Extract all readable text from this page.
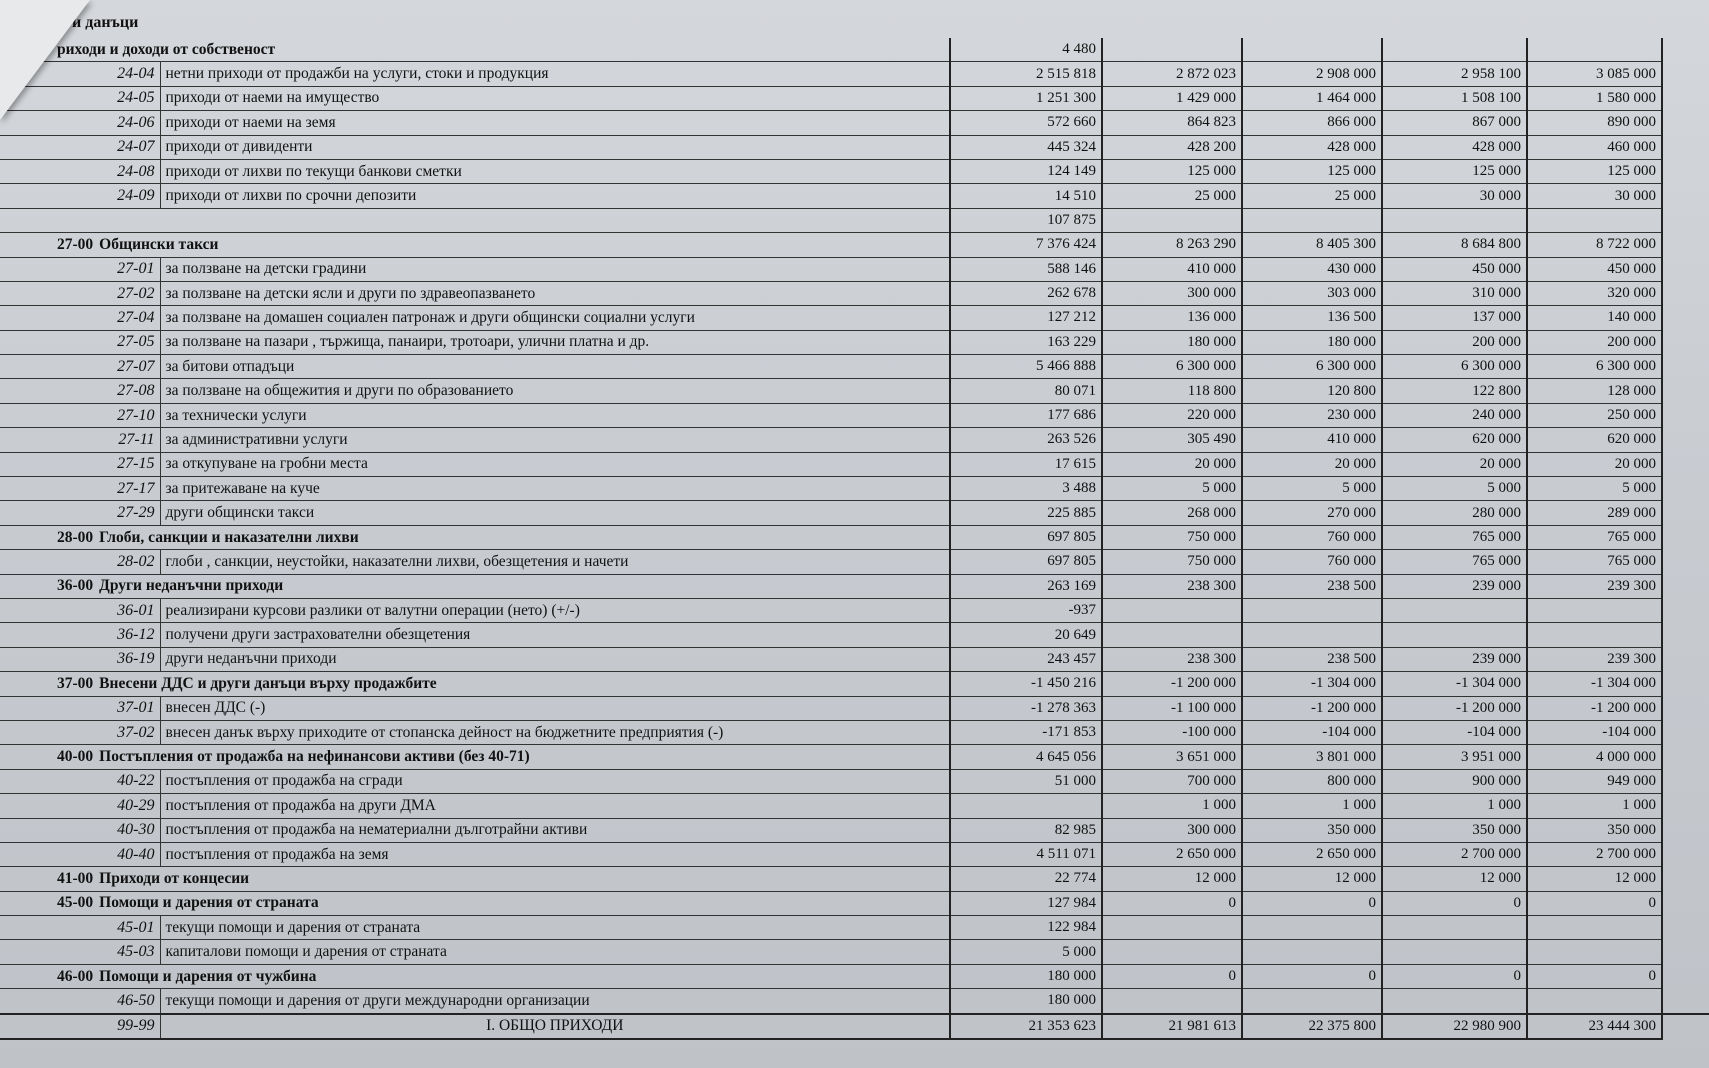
и данъци
	риходи и доходи от собственост		4 480					
	24-04	нетни приходи от продажби на услуги, стоки и продукция	2 515 818	2 872 023	2 908 000	2 958 100	3 085 000	
	24-05	приходи от наеми на имущество	1 251 300	1 429 000	1 464 000	1 508 100	1 580 000	
	24-06	приходи от наеми на земя	572 660	864 823	866 000	867 000	890 000	
	24-07	приходи от дивиденти	445 324	428 200	428 000	428 000	460 000	
	24-08	приходи от лихви по текущи банкови сметки	124 149	125 000	125 000	125 000	125 000	
	24-09	приходи от лихви по срочни депозити	14 510	25 000	25 000	30 000	30 000	
			107 875					
	27-00 Общински такси		7 376 424	8 263 290	8 405 300	8 684 800	8 722 000	
	27-01	за ползване на детски градини	588 146	410 000	430 000	450 000	450 000	
	27-02	за ползване на детски ясли и други по здравеопазването	262 678	300 000	303 000	310 000	320 000	
	27-04	за ползване на домашен социален патронаж и други общински социални услуги	127 212	136 000	136 500	137 000	140 000	
	27-05	за ползване на пазари , тържища, панаири, тротоари, улични платна и др.	163 229	180 000	180 000	200 000	200 000	
	27-07	за битови отпадъци	5 466 888	6 300 000	6 300 000	6 300 000	6 300 000	
	27-08	за ползване на общежития и други по образованието	80 071	118 800	120 800	122 800	128 000	
	27-10	за технически услуги	177 686	220 000	230 000	240 000	250 000	
	27-11	за административни услуги	263 526	305 490	410 000	620 000	620 000	
	27-15	за откупуване на гробни места	17 615	20 000	20 000	20 000	20 000	
	27-17	за притежаване на куче	3 488	5 000	5 000	5 000	5 000	
	27-29	други общински такси	225 885	268 000	270 000	280 000	289 000	
	28-00 Глоби, санкции и наказателни лихви		697 805	750 000	760 000	765 000	765 000	
	28-02	глоби , санкции, неустойки, наказателни лихви, обезщетения и начети	697 805	750 000	760 000	765 000	765 000	
	36-00 Други неданъчни приходи		263 169	238 300	238 500	239 000	239 300	
	36-01	реализирани курсови разлики от валутни операции (нето) (+/-)	-937					
	36-12	получени други застрахователни обезщетения	20 649					
	36-19	други неданъчни приходи	243 457	238 300	238 500	239 000	239 300	
	37-00 Внесени ДДС и други данъци върху продажбите		-1 450 216	-1 200 000	-1 304 000	-1 304 000	-1 304 000	
	37-01	внесен ДДС (-)	-1 278 363	-1 100 000	-1 200 000	-1 200 000	-1 200 000	
	37-02	внесен данък върху приходите от стопанска дейност на бюджетните предприятия (-)	-171 853	-100 000	-104 000	-104 000	-104 000	
	40-00 Постъпления от продажба на нефинансови активи (без 40-71)		4 645 056	3 651 000	3 801 000	3 951 000	4 000 000	
	40-22	постъпления от продажба на сгради	51 000	700 000	800 000	900 000	949 000	
	40-29	постъпления от продажба на други ДМА		1 000	1 000	1 000	1 000	
	40-30	постъпления от продажба на нематериални дълготрайни активи	82 985	300 000	350 000	350 000	350 000	
	40-40	постъпления от продажба на земя	4 511 071	2 650 000	2 650 000	2 700 000	2 700 000	
	41-00 Приходи от концесии		22 774	12 000	12 000	12 000	12 000	
	45-00 Помощи и дарения от страната		127 984	0	0	0	0	
	45-01	текущи помощи и дарения от страната	122 984					
	45-03	капиталови помощи и дарения от страната	5 000					
	46-00 Помощи и дарения от чужбина		180 000	0	0	0	0	
	46-50	текущи помощи и дарения от други международни организации	180 000					
	99-99	I. ОБЩО ПРИХОДИ	21 353 623	21 981 613	22 375 800	22 980 900	23 444 300	
